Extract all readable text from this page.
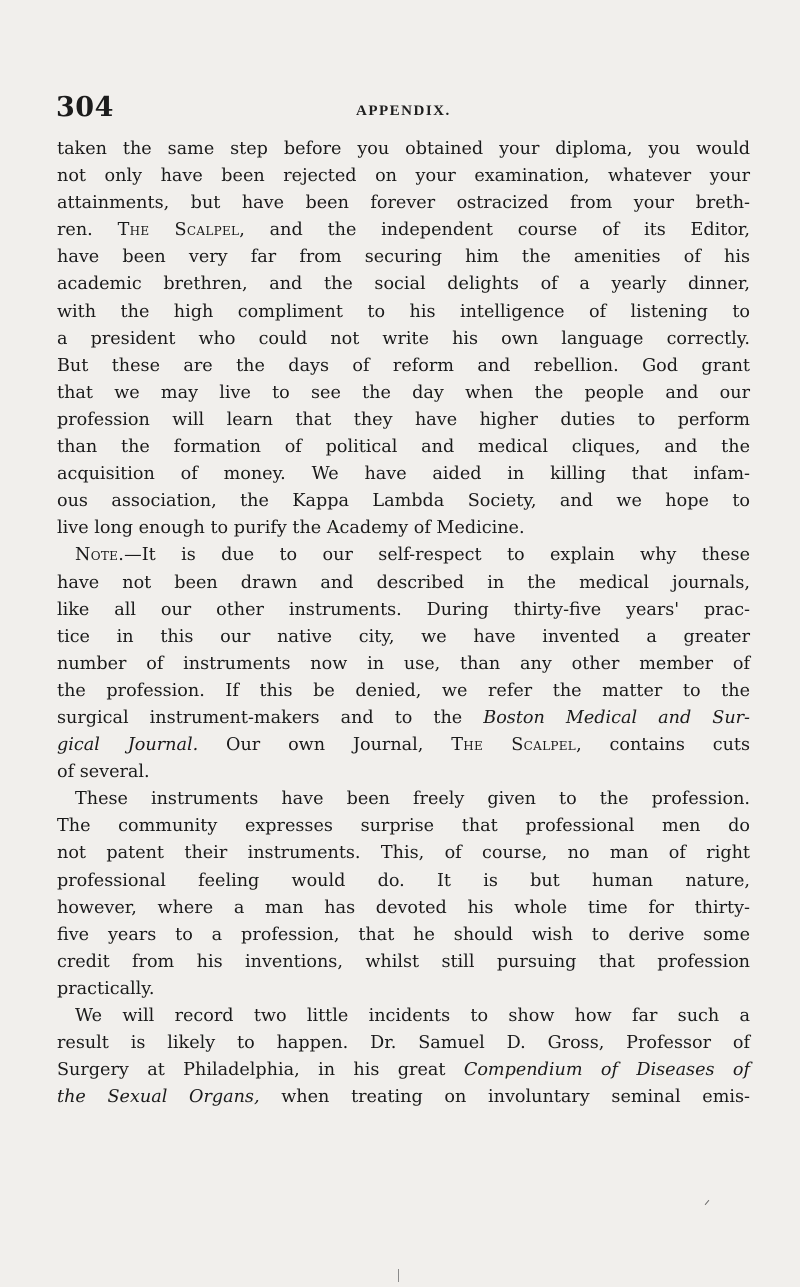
304	APPENDIX.
taken the same step before you obtained your diploma, you would
not only have been rejected on your examination, whatever your
attainments, but have been forever ostracized from your breth-
ren. The Scalpel, and the independent course of its Editor,
have been very far from securing him the amenities of his
academic brethren, and the social delights of a yearly dinner,
with the high compliment to his intelligence of listening to
a president who could not write his own language correctly.
But these are the days of reform and rebellion. God grant
that we may live to see the day when the people and our
profession will learn that they have higher duties to perform
than the formation of political and medical cliques, and the
acquisition of money. We have aided in killing that infam-
ous association, the Kappa Lambda Society, and we hope to
live long enough to purify the Academy of Medicine.
Note.—It is due to our self-respect to explain why these
have not been drawn and described in the medical journals,
like all our other instruments. During thirty-five years' prac-
tice in this our native city, we have invented a greater
number of instruments now in use, than any other member of
the profession. If this be denied, we refer the matter to the
surgical instrument-makers and to the Boston Medical and Sur-
gical Journal. Our own Journal, The Scalpel, contains cuts
of several.
These instruments have been freely given to the profession.
The community expresses surprise that professional men do
not patent their instruments. This, of course, no man of right
professional feeling would do. It is but human nature,
however, where a man has devoted his whole time for thirty-
five years to a profession, that he should wish to derive some
credit from his inventions, whilst still pursuing that profession
practically.
We will record two little incidents to show how far such a
result is likely to happen. Dr. Samuel D. Gross, Professor of
Surgery at Philadelphia, in his great Compendium of Diseases of
the Sexual Organs, when treating on involuntary seminal emis-
